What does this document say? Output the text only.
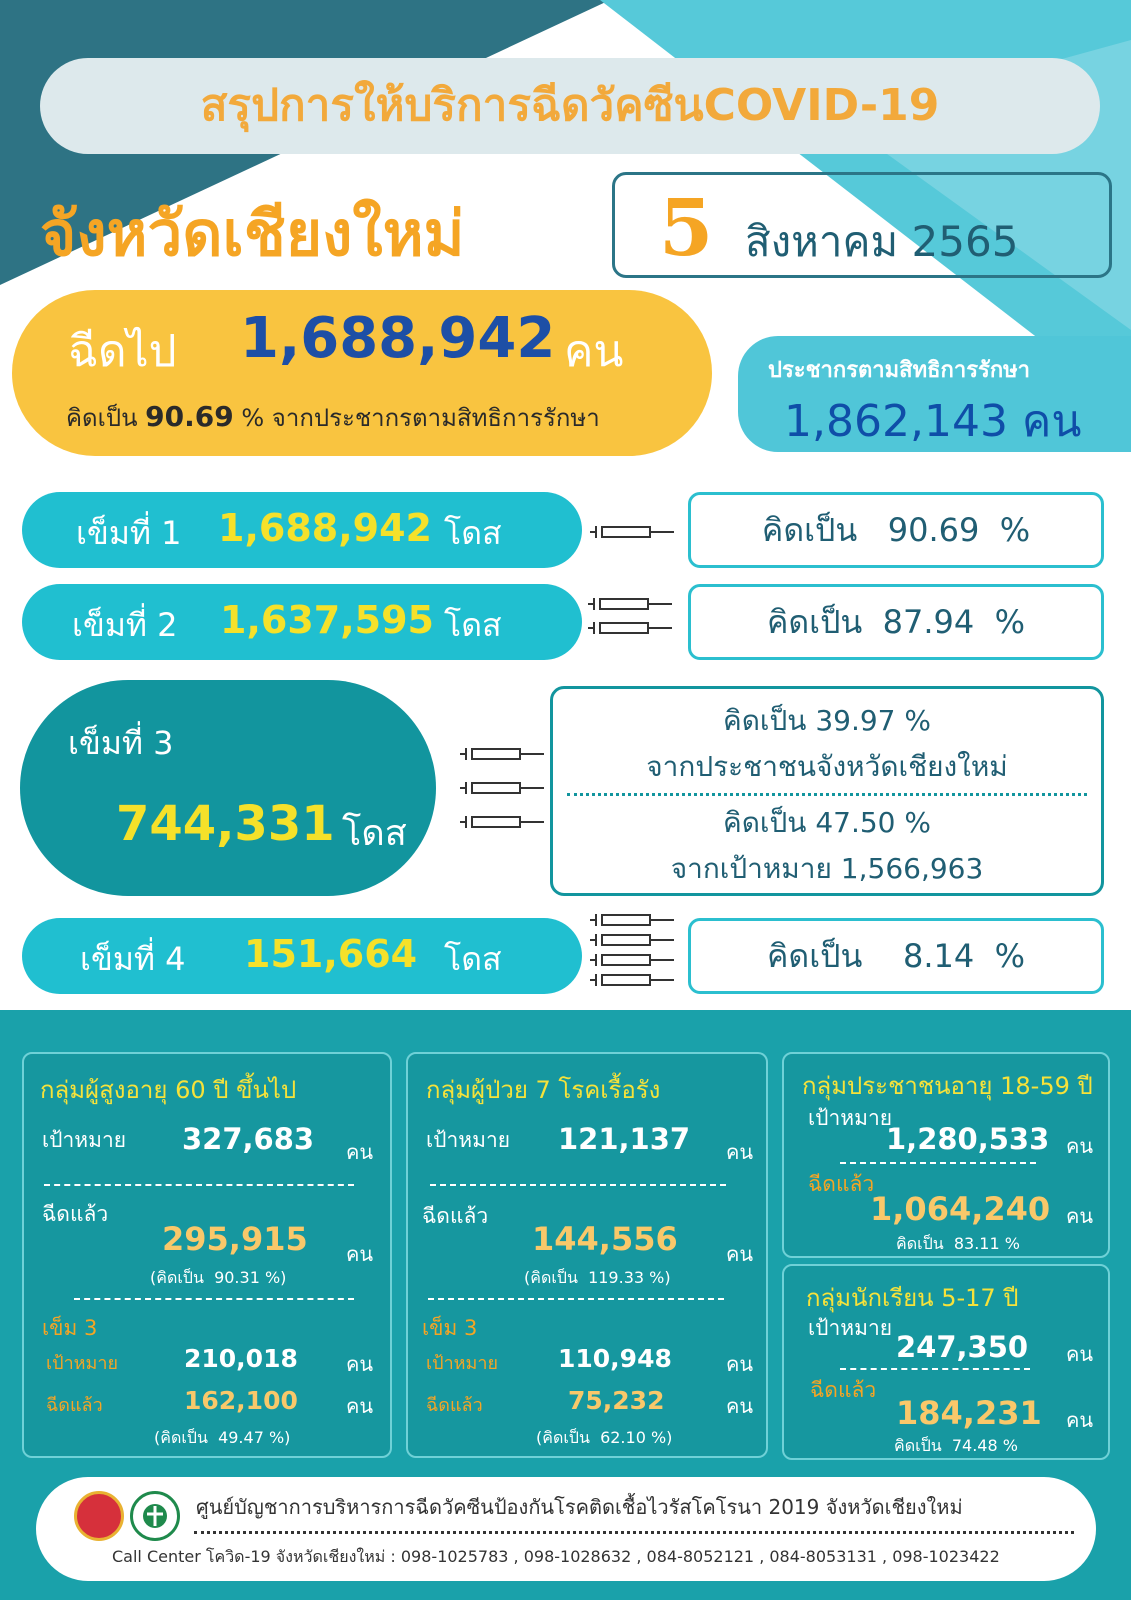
สรุปการให้บริการฉีดวัคซีนCOVID-19
จังหวัดเชียงใหม่ 5 สิงหาคม 2565
ฉีดไป 1,688,942 คน
คิดเป็น 90.69 % จากประชากรตามสิทธิการรักษา
ประชากรตามสิทธิการรักษา
1,862,143 คน
เข็มที่ 1 1,688,942 โดส	คิดเป็น   90.69  %
เข็มที่ 2 1,637,595 โดส	คิดเป็น  87.94  %
เข็มที่ 3
744,331 โดส
คิดเป็น 39.97 %
จากประชาชนจังหวัดเชียงใหม่
คิดเป็น 47.50 %
จากเป้าหมาย 1,566,963
เข็มที่ 4 151,664 โดส	คิดเป็น    8.14  %
กลุ่มผู้สูงอายุ 60 ปี ขึ้นไป
เป้าหมาย 327,683 คน
ฉีดแล้ว
295,915 คน
(คิดเป็น  90.31 %)
เข็ม 3
เป้าหมาย	210,018 คน
ฉีดแล้ว	162,100 คน
(คิดเป็น  49.47 %)
กลุ่มผู้ป่วย 7 โรคเรื้อรัง
เป้าหมาย 121,137 คน
ฉีดแล้ว
144,556 คน
(คิดเป็น  119.33 %)
เข็ม 3
เป้าหมาย 110,948	คน
ฉีดแล้ว	75,232	คน
(คิดเป็น  62.10 %)
กลุ่มประชาชนอายุ 18-59 ปี
เป้าหมาย
1,280,533 คน
ฉีดแล้ว
1,064,240 คน
คิดเป็น  83.11 %
กลุ่มนักเรียน 5-17 ปี
เป้าหมาย
247,350 คน
ฉีดแล้ว
184,231 คน
คิดเป็น  74.48 %
ศูนย์บัญชาการบริหารการฉีดวัคซีนป้องกันโรคติดเชื้อไวรัสโคโรนา 2019 จังหวัดเชียงใหม่
Call Center โควิด-19 จังหวัดเชียงใหม่ : 098-1025783 , 098-1028632 , 084-8052121 , 084-8053131 , 098-1023422
